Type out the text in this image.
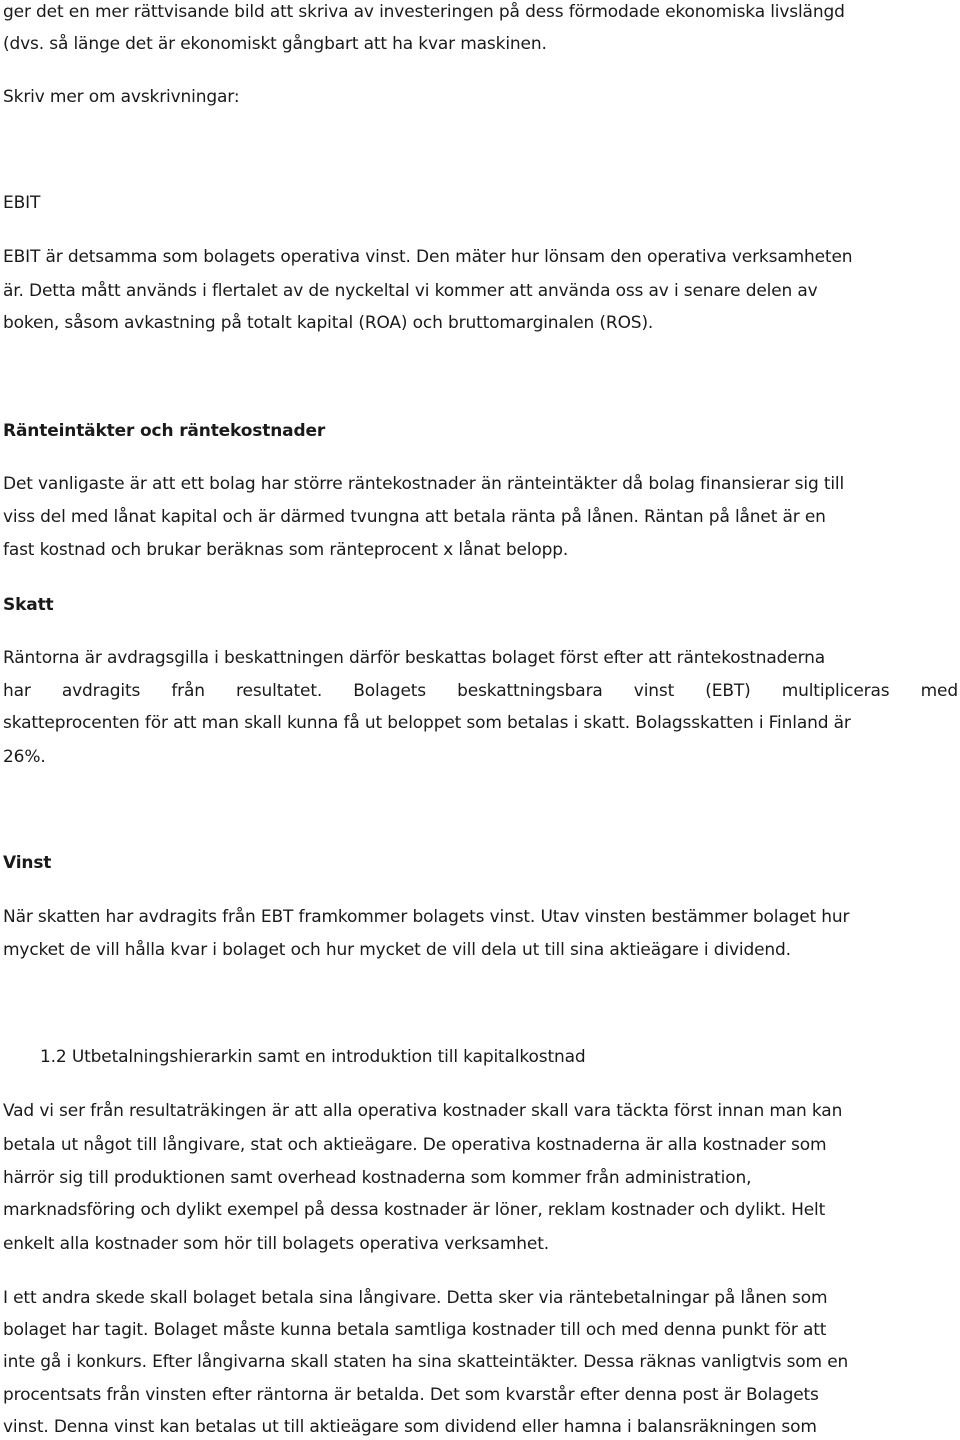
ger det en mer rättvisande bild att skriva av investeringen på dess förmodade ekonomiska livslängd
(dvs. så länge det är ekonomiskt gångbart att ha kvar maskinen.
Skriv mer om avskrivningar:
EBIT
EBIT är detsamma som bolagets operativa vinst. Den mäter hur lönsam den operativa verksamheten
är. Detta mått används i flertalet av de nyckeltal vi kommer att använda oss av i senare delen av
boken, såsom avkastning på totalt kapital (ROA) och bruttomarginalen (ROS).
Ränteintäkter och räntekostnader
Det vanligaste är att ett bolag har större räntekostnader än ränteintäkter då bolag finansierar sig till
viss del med lånat kapital och är därmed tvungna att betala ränta på lånen. Räntan på lånet är en
fast kostnad och brukar beräknas som ränteprocent x lånat belopp.
Skatt
Räntorna är avdragsgilla i beskattningen därför beskattas bolaget först efter att räntekostnaderna
har avdragits från resultatet. Bolagets beskattningsbara vinst (EBT) multipliceras med
skatteprocenten för att man skall kunna få ut beloppet som betalas i skatt. Bolagsskatten i Finland är
26%.
Vinst
När skatten har avdragits från EBT framkommer bolagets vinst. Utav vinsten bestämmer bolaget hur
mycket de vill hålla kvar i bolaget och hur mycket de vill dela ut till sina aktieägare i dividend.
1.2 Utbetalningshierarkin samt en introduktion till kapitalkostnad
Vad vi ser från resultaträkingen är att alla operativa kostnader skall vara täckta först innan man kan
betala ut något till långivare, stat och aktieägare. De operativa kostnaderna är alla kostnader som
härrör sig till produktionen samt overhead kostnaderna som kommer från administration,
marknadsföring och dylikt exempel på dessa kostnader är löner, reklam kostnader och dylikt. Helt
enkelt alla kostnader som hör till bolagets operativa verksamhet.
I ett andra skede skall bolaget betala sina långivare. Detta sker via räntebetalningar på lånen som
bolaget har tagit. Bolaget måste kunna betala samtliga kostnader till och med denna punkt för att
inte gå i konkurs. Efter långivarna skall staten ha sina skatteintäkter. Dessa räknas vanligtvis som en
procentsats från vinsten efter räntorna är betalda. Det som kvarstår efter denna post är Bolagets
vinst. Denna vinst kan betalas ut till aktieägare som dividend eller hamna i balansräkningen som
